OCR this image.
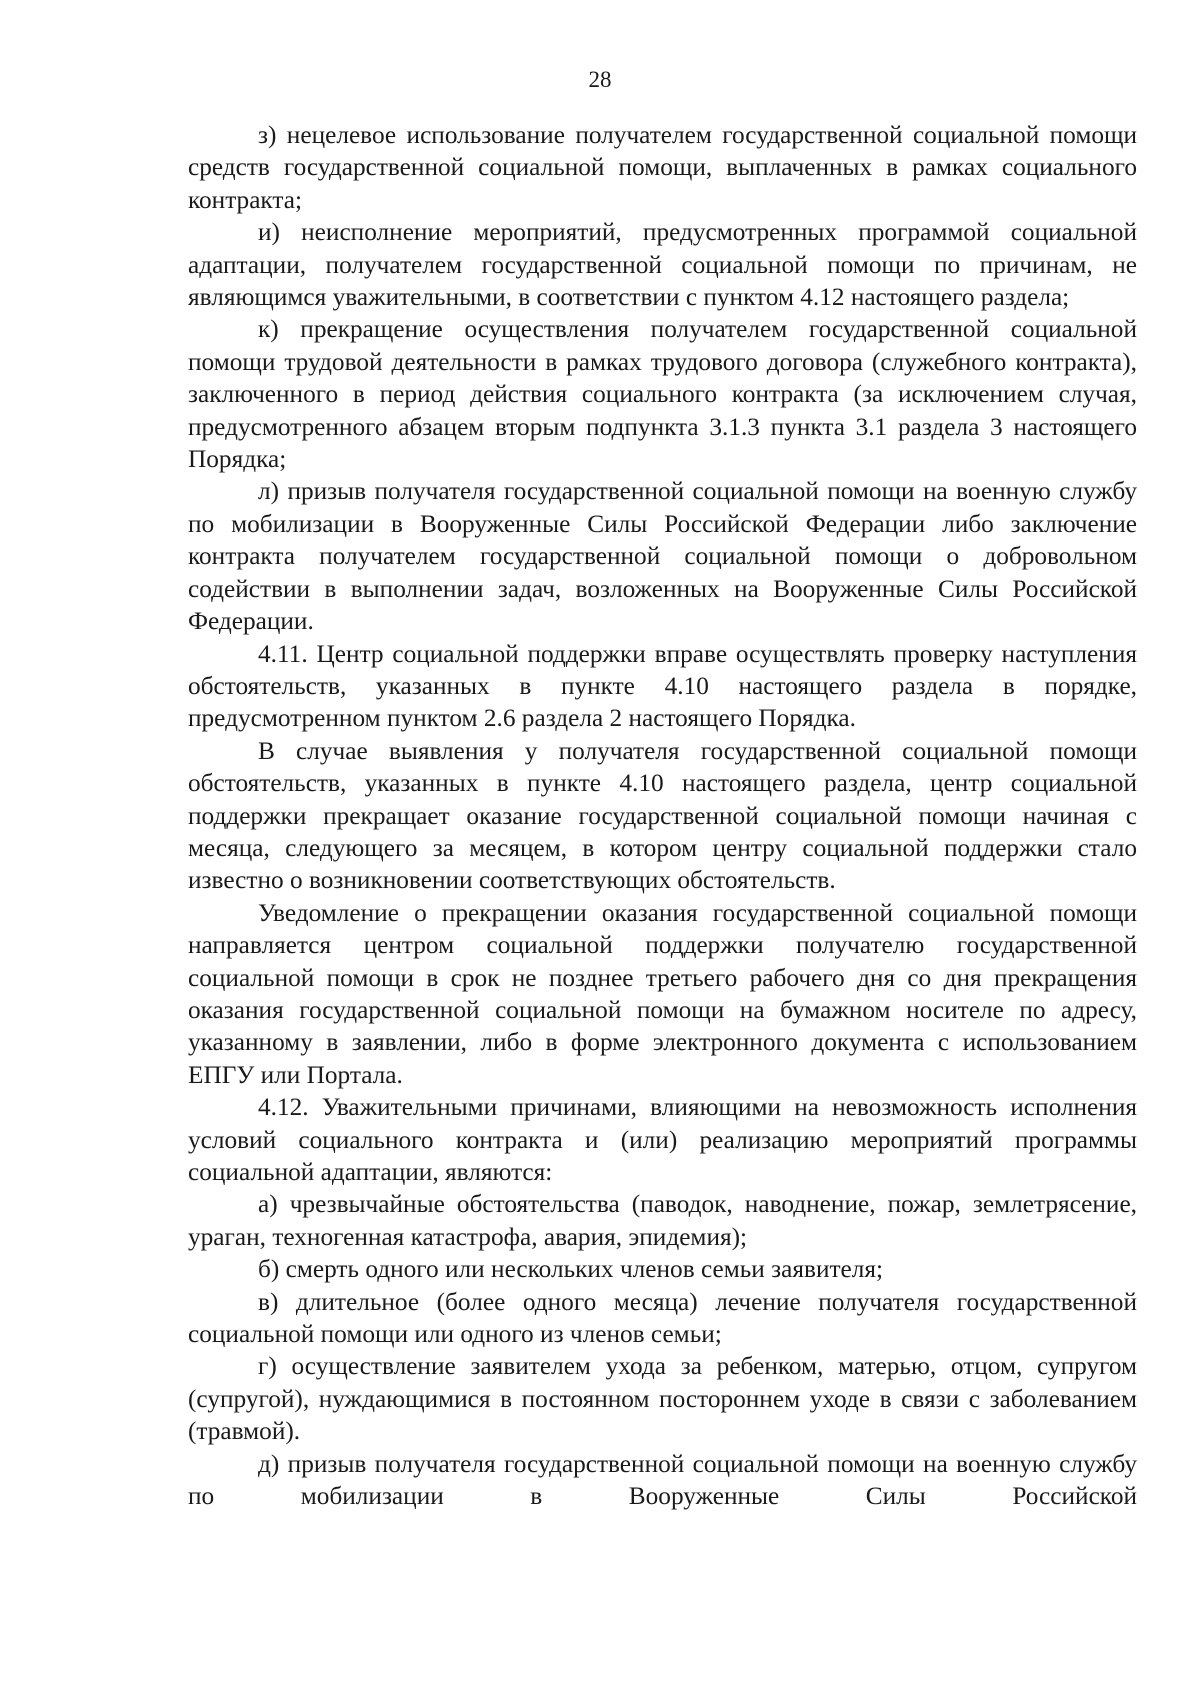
28

з) нецелевое использование получателем государственной социальной помощи средств государственной социальной помощи, выплаченных в рамках социального контракта;

и) неисполнение мероприятий, предусмотренных программой социальной адаптации, получателем государственной социальной помощи по причинам, не являющимся уважительными, в соответствии с пунктом 4.12 настоящего раздела;

к) прекращение осуществления получателем государственной социальной помощи трудовой деятельности в рамках трудового договора (служебного контракта), заключенного в период действия социального контракта (за исключением случая, предусмотренного абзацем вторым подпункта 3.1.3 пункта 3.1 раздела 3 настоящего Порядка;

л) призыв получателя государственной социальной помощи на военную службу по мобилизации в Вооруженные Силы Российской Федерации либо заключение контракта получателем государственной социальной помощи о добровольном содействии в выполнении задач, возложенных на Вооруженные Силы Российской Федерации.

4.11. Центр социальной поддержки вправе осуществлять проверку наступления обстоятельств, указанных в пункте 4.10 настоящего раздела в порядке, предусмотренном пунктом 2.6 раздела 2 настоящего Порядка.

В случае выявления у получателя государственной социальной помощи обстоятельств, указанных в пункте 4.10 настоящего раздела, центр социальной поддержки прекращает оказание государственной социальной помощи начиная с месяца, следующего за месяцем, в котором центру социальной поддержки стало известно о возникновении соответствующих обстоятельств.

Уведомление о прекращении оказания государственной социальной помощи направляется центром социальной поддержки получателю государственной социальной помощи в срок не позднее третьего рабочего дня со дня прекращения оказания государственной социальной помощи на бумажном носителе по адресу, указанному в заявлении, либо в форме электронного документа с использованием ЕПГУ или Портала.

4.12. Уважительными причинами, влияющими на невозможность исполнения условий социального контракта и (или) реализацию мероприятий программы социальной адаптации, являются:

а) чрезвычайные обстоятельства (паводок, наводнение, пожар, землетрясение, ураган, техногенная катастрофа, авария, эпидемия);

б) смерть одного или нескольких членов семьи заявителя;

в) длительное (более одного месяца) лечение получателя государственной социальной помощи или одного из членов семьи;

г) осуществление заявителем ухода за ребенком, матерью, отцом, супругом (супругой), нуждающимися в постоянном постороннем уходе в связи с заболеванием (травмой).

д) призыв получателя государственной социальной помощи на военную службу по мобилизации в Вооруженные Силы Российской
